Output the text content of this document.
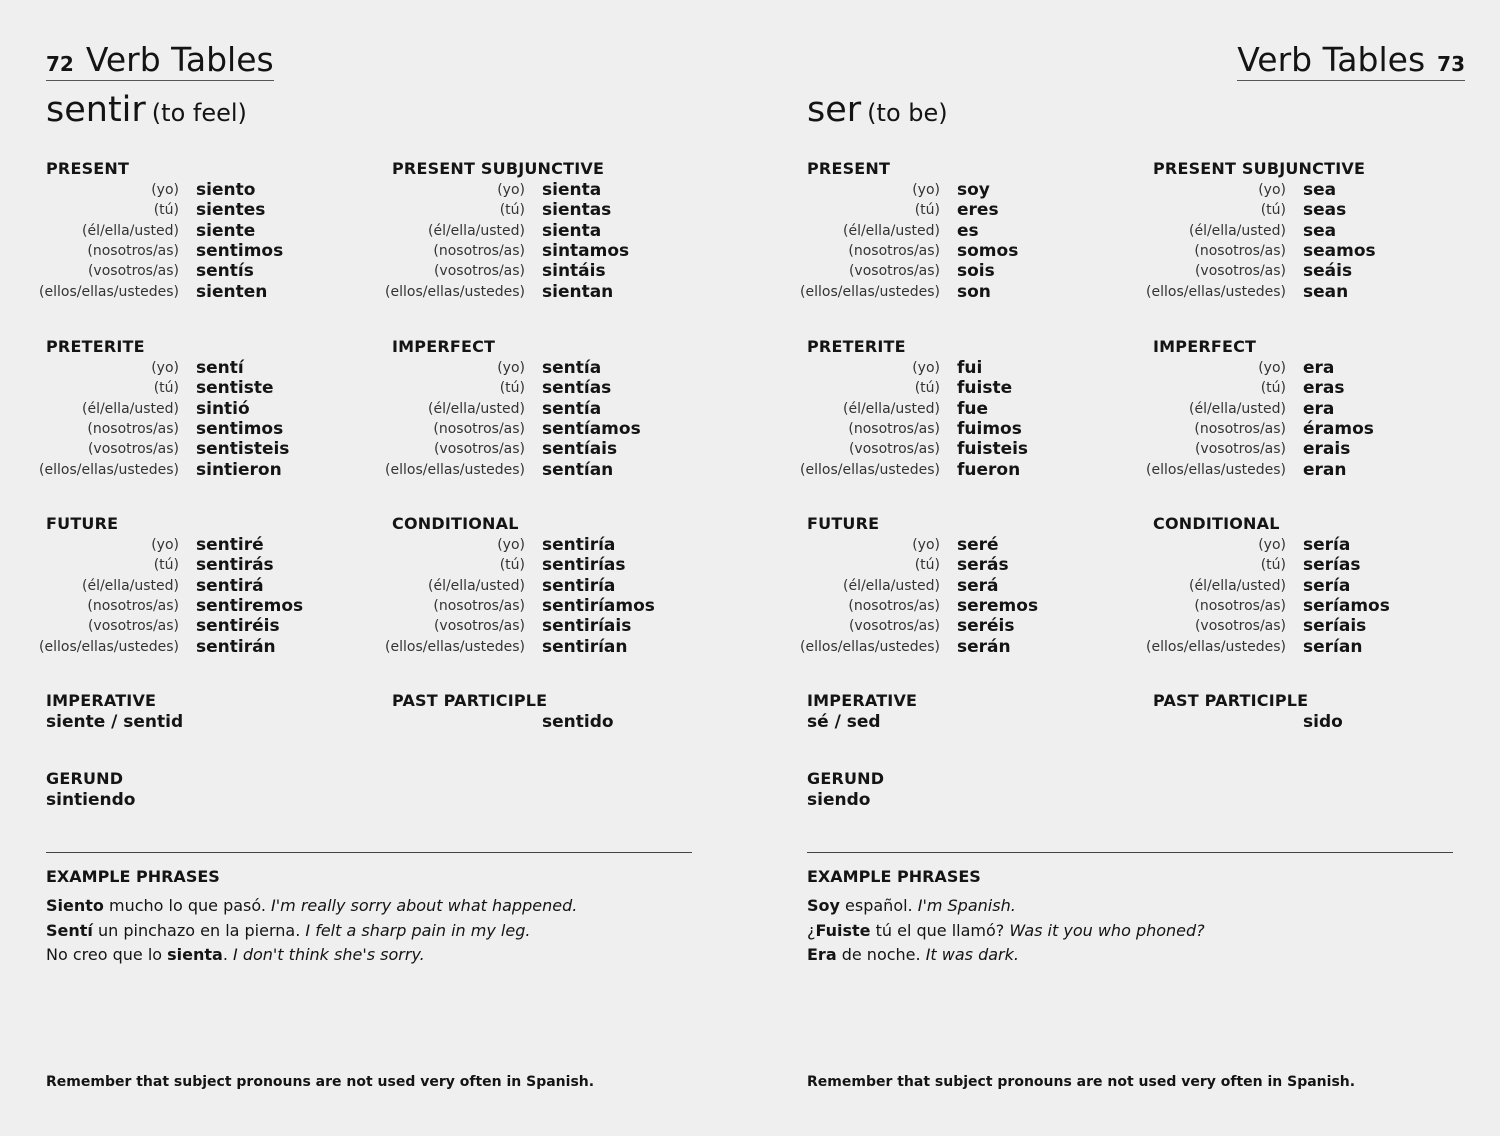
72 Verb Tables
sentir (to feel)
PRESENT
(yo) siento
(tú) sientes
(él/ella/usted) siente
(nosotros/as) sentimos
(vosotros/as) sentís
(ellos/ellas/ustedes) sienten
PRESENT SUBJUNCTIVE
(yo) sienta
(tú) sientas
(él/ella/usted) sienta
(nosotros/as) sintamos
(vosotros/as) sintáis
(ellos/ellas/ustedes) sientan
PRETERITE
(yo) sentí
(tú) sentiste
(él/ella/usted) sintió
(nosotros/as) sentimos
(vosotros/as) sentisteis
(ellos/ellas/ustedes) sintieron
IMPERFECT
(yo) sentía
(tú) sentías
(él/ella/usted) sentía
(nosotros/as) sentíamos
(vosotros/as) sentíais
(ellos/ellas/ustedes) sentían
FUTURE
(yo) sentiré
(tú) sentirás
(él/ella/usted) sentirá
(nosotros/as) sentiremos
(vosotros/as) sentiréis
(ellos/ellas/ustedes) sentirán
CONDITIONAL
(yo) sentiría
(tú) sentirías
(él/ella/usted) sentiría
(nosotros/as) sentiríamos
(vosotros/as) sentiríais
(ellos/ellas/ustedes) sentirían
IMPERATIVE
siente / sentid
PAST PARTICIPLE
sentido
GERUND
sintiendo
EXAMPLE PHRASES
Siento mucho lo que pasó. I'm really sorry about what happened.
Sentí un pinchazo en la pierna. I felt a sharp pain in my leg.
No creo que lo sienta. I don't think she's sorry.
Remember that subject pronouns are not used very often in Spanish.
Verb Tables 73
ser (to be)
PRESENT
(yo) soy
(tú) eres
(él/ella/usted) es
(nosotros/as) somos
(vosotros/as) sois
(ellos/ellas/ustedes) son
PRESENT SUBJUNCTIVE
(yo) sea
(tú) seas
(él/ella/usted) sea
(nosotros/as) seamos
(vosotros/as) seáis
(ellos/ellas/ustedes) sean
PRETERITE
(yo) fui
(tú) fuiste
(él/ella/usted) fue
(nosotros/as) fuimos
(vosotros/as) fuisteis
(ellos/ellas/ustedes) fueron
IMPERFECT
(yo) era
(tú) eras
(él/ella/usted) era
(nosotros/as) éramos
(vosotros/as) erais
(ellos/ellas/ustedes) eran
FUTURE
(yo) seré
(tú) serás
(él/ella/usted) será
(nosotros/as) seremos
(vosotros/as) seréis
(ellos/ellas/ustedes) serán
CONDITIONAL
(yo) sería
(tú) serías
(él/ella/usted) sería
(nosotros/as) seríamos
(vosotros/as) seríais
(ellos/ellas/ustedes) serían
IMPERATIVE
sé / sed
PAST PARTICIPLE
sido
GERUND
siendo
EXAMPLE PHRASES
Soy español. I'm Spanish.
¿Fuiste tú el que llamó? Was it you who phoned?
Era de noche. It was dark.
Remember that subject pronouns are not used very often in Spanish.
